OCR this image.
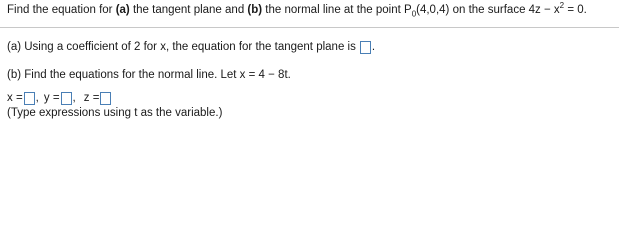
Find the equation for (a) the tangent plane and (b) the normal line at the point $P_0(4,0,4)$ on the surface $4z - x^2 = 0$.
(a) Using a coefficient of 2 for x, the equation for the tangent plane is .
(b) Find the equations for the normal line. Let x = 4 − 8t.
x = , y = , z =
(Type expressions using t as the variable.)
